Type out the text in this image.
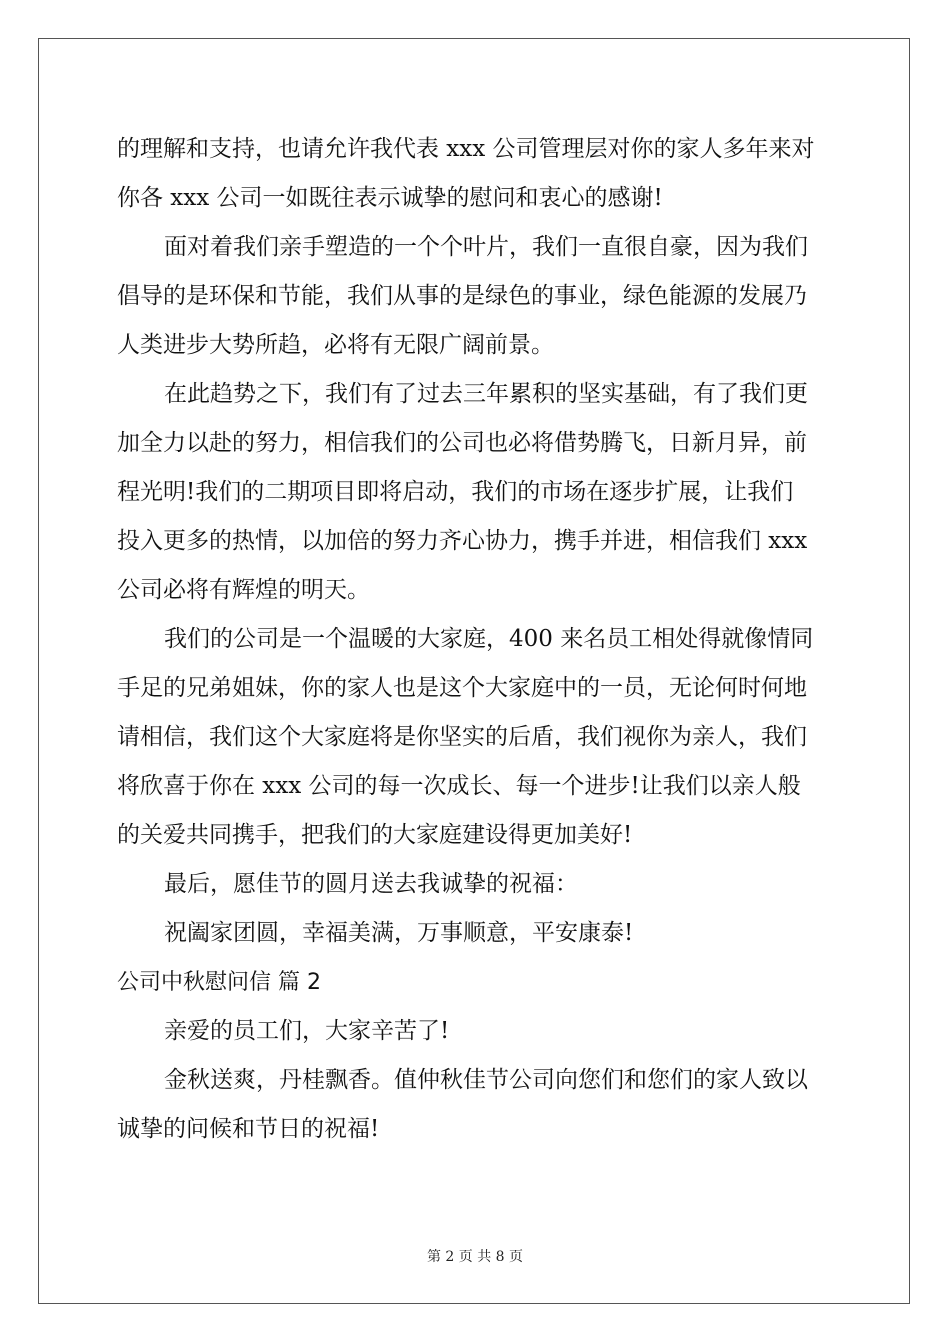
的理解和支持，也请允许我代表 xxx 公司管理层对你的家人多年来对
你各 xxx 公司一如既往表示诚挚的慰问和衷心的感谢!
面对着我们亲手塑造的一个个叶片，我们一直很自豪，因为我们
倡导的是环保和节能，我们从事的是绿色的事业，绿色能源的发展乃
人类进步大势所趋，必将有无限广阔前景。
在此趋势之下，我们有了过去三年累积的坚实基础，有了我们更
加全力以赴的努力，相信我们的公司也必将借势腾飞，日新月异，前
程光明!我们的二期项目即将启动，我们的市场在逐步扩展，让我们
投入更多的热情，以加倍的努力齐心协力，携手并进，相信我们 xxx
公司必将有辉煌的明天。
我们的公司是一个温暖的大家庭，400 来名员工相处得就像情同
手足的兄弟姐妹，你的家人也是这个大家庭中的一员，无论何时何地
请相信，我们这个大家庭将是你坚实的后盾，我们视你为亲人，我们
将欣喜于你在 xxx 公司的每一次成长、每一个进步!让我们以亲人般
的关爱共同携手，把我们的大家庭建设得更加美好!
最后，愿佳节的圆月送去我诚挚的祝福：
祝阖家团圆，幸福美满，万事顺意，平安康泰!
公司中秋慰问信 篇 2
亲爱的员工们，大家辛苦了!
金秋送爽，丹桂飘香。值仲秋佳节公司向您们和您们的家人致以
诚挚的问候和节日的祝福!
第 2 页 共 8 页
